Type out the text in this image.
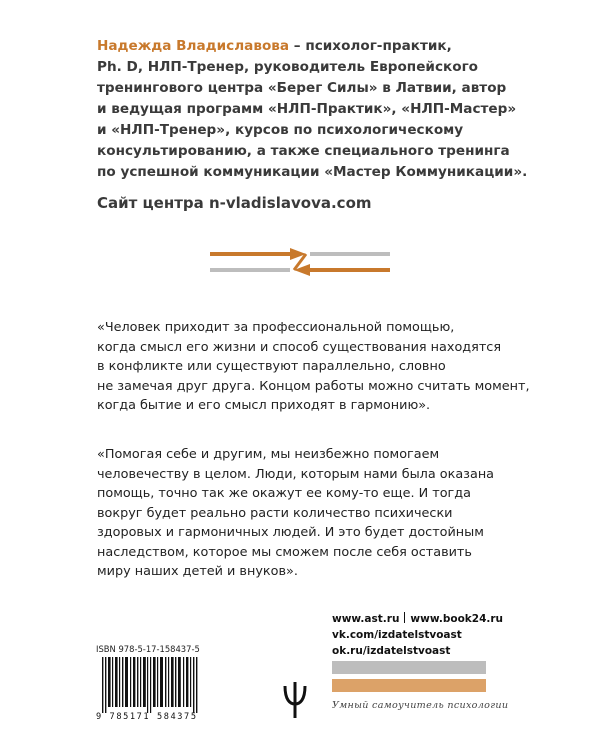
Надежда Владиславова – психолог-практик,
Ph. D, НЛП-Тренер, руководитель Европейского
тренингового центра «Берег Силы» в Латвии, автор
и ведущая программ «НЛП-Практик», «НЛП-Мастер»
и «НЛП-Тренер», курсов по психологическому
консультированию, а также специального тренинга
по успешной коммуникации «Мастер Коммуникации».
Сайт центра n-vladislavova.com
«Человек приходит за профессиональной помощью,
когда смысл его жизни и способ существования находятся
в конфликте или существуют параллельно, словно
не замечая друг друга. Концом работы можно считать момент,
когда бытие и его смысл приходят в гармонию».
«Помогая себе и другим, мы неизбежно помогаем
человечеству в целом. Люди, которым нами была оказана
помощь, точно так же окажут ее кому-то еще. И тогда
вокруг будет реально расти количество психически
здоровых и гармоничных людей. И это будет достойным
наследством, которое мы сможем после себя оставить
миру наших детей и внуков».
www.ast.ru www.book24.ru
vk.com/izdatelstvoast
ok.ru/izdatelstvoast
Умный самоучитель психологии
ISBN 978-5-17-158437-5
9 785171 584375
